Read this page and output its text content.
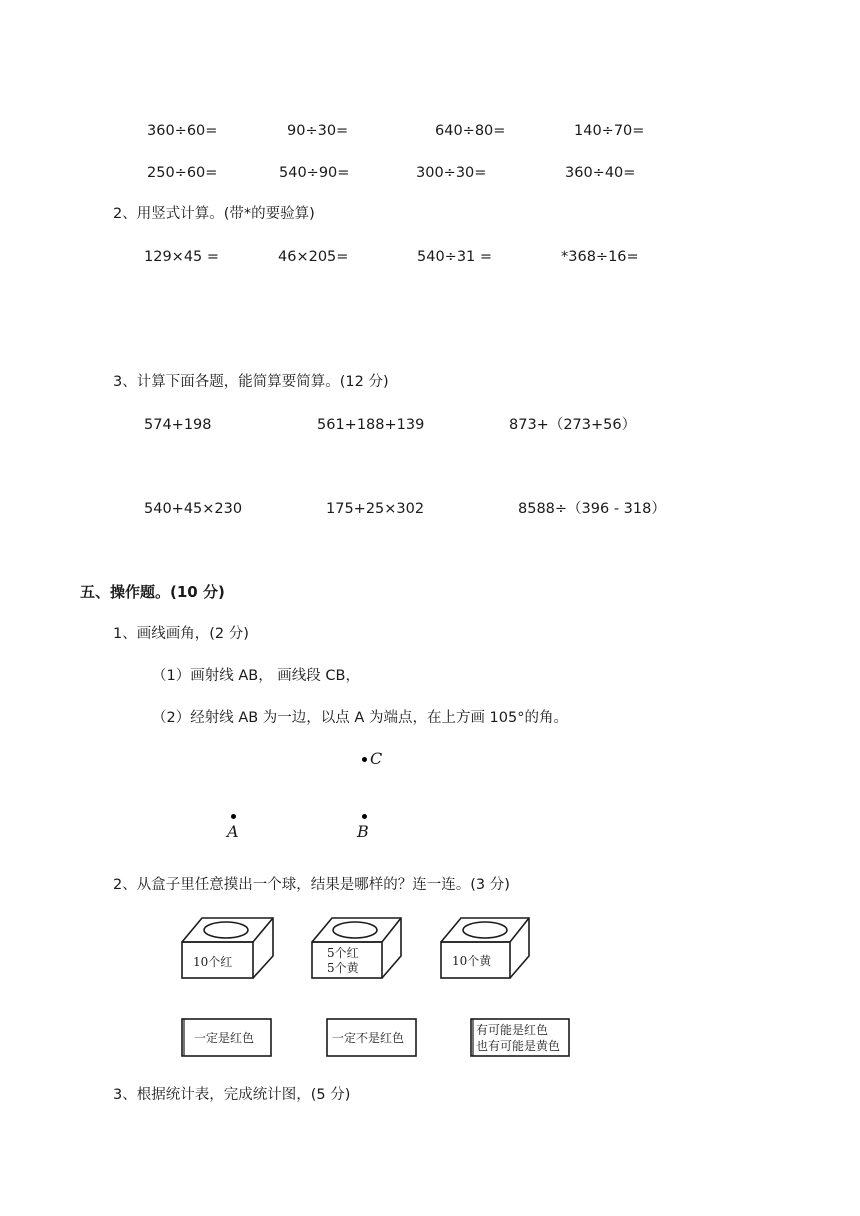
360÷60=	90÷30=	640÷80=	140÷70=
250÷60=	540÷90=	300÷30=	360÷40=
2、用竖式计算。(带*的要验算)
129×45 =	46×205=	540÷31 =	*368÷16=
3、计算下面各题，能简算要简算。(12 分)
574+198	561+188+139	873+（273+56）
540+45×230	175+25×302	8588÷（396 - 318）
五、操作题。(10 分)
1、画线画角，(2 分)
（1）画射线 AB， 画线段 CB，
（2）经射线 AB 为一边，以点 A 为端点，在上方画 105°的角。
C
A	B
2、从盒子里任意摸出一个球，结果是哪样的？连一连。(3 分)
10个红
5个红
5个黄	10个黄
一定是红色	一定不是红色
有可能是红色
也有可能是黄色
3、根据统计表，完成统计图，(5 分)
